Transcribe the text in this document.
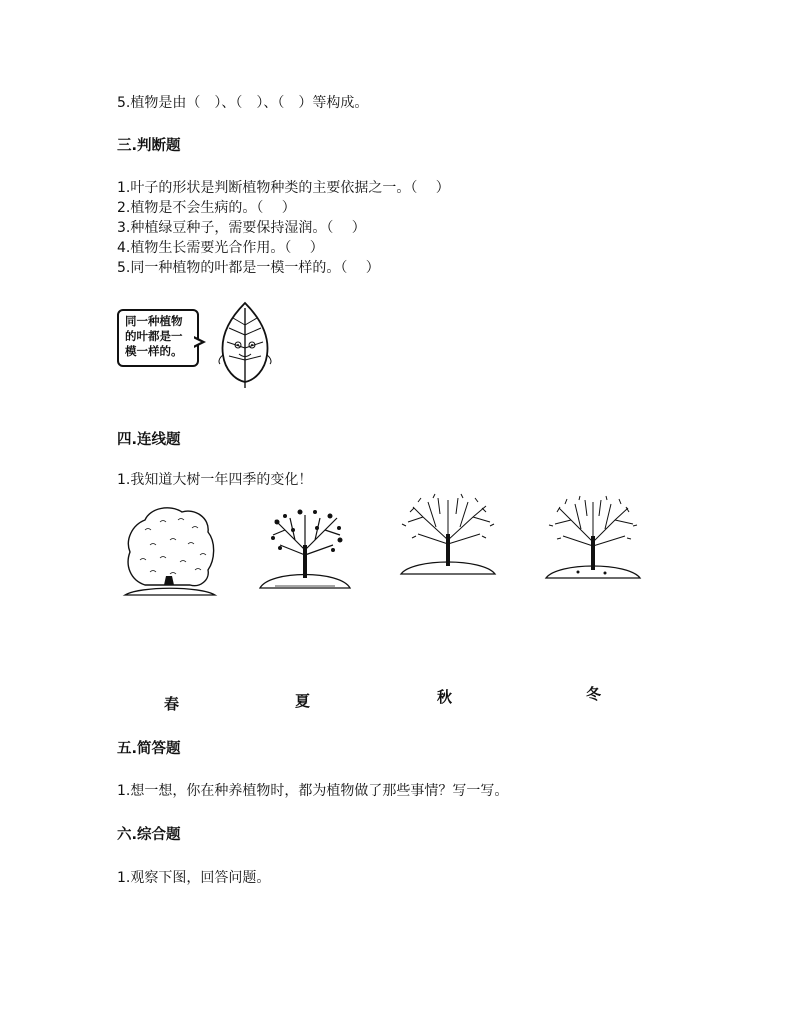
5.植物是由（　）、（　）、（　）等构成。
三.判断题
1.叶子的形状是判断植物种类的主要依据之一。（　 ）
2.植物是不会生病的。（　 ）
3.种植绿豆种子，需要保持湿润。（　 ）
4.植物生长需要光合作用。（　 ）
5.同一种植物的叶都是一模一样的。（　 ）
同一种植物
的叶都是一
模一样的。
四.连线题
1.我知道大树一年四季的变化！
春	夏	秋	冬
五.简答题
1.想一想，你在种养植物时，都为植物做了那些事情？写一写。
六.综合题
1.观察下图，回答问题。
